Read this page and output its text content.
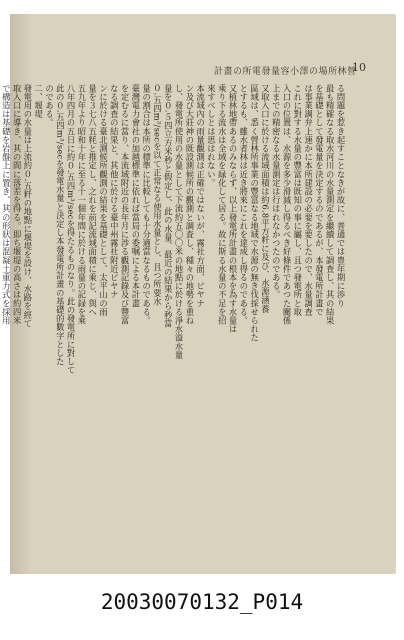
計畫の所電發量容小澤の場所林營
10

る問題を惹き起すことなきが故に、普通では豊年期に渉り

最も精確なる取水河川の水量測定を繼續して調査し、其の結果

を基礎として發電量を決定するのであるが、本發電所計畫で

は事業調弁上速かに本所建設の必要を要したので、水量調査

これに對する水量の豐富は既知の事に屬し、且つ發電所と取

入口の位置は、水源を多少滑減し得るべき好條件であつた關係

上までの精密なる水量測定は行はれなかつたのである。

又取入口に於ける流域面積は約6.8平方粁に及び、水源涵養

區域は、悉く營林所事業の豐富なる地域で水源の無き伐採せられた

とするも、雖水者林は近き將來にこれを達成し得るのである。

又植林地帶あるのみならず、以上發電所計畫の根本を為す水量は

乘り下る流水は全域を緑化して居る。故に斯る水量の不足を招

來すべしとは思はれない。

本流域內の雨量觀測は正確ではないが、霧社方面、ピヤナ

ン及び大莊神の既設測候所の觀測と調査し、種々の地勢を重ね

し、發電所使用の水量として下流約五〇〇米の地點に於ける淨水溢水量

量を０.５四立方米秒と假定し、此の水量、最近の結果から秒當

０.五四m³/secを以て正常なる使用水量とし、且つ所要水

量の割合は本所の標準に比較しても十分適當なるものである。

臺灣電力會社の加越標準に依れば當局の委嘱による本計畫

を定むるに當り、本流域附近の長年月に涉る觀測記錄及び豐富

なる調査の結果と、其他に於ける臺中州霧社附近ピヤナ

ンに於ける臺北測候所觀測の結果を基礎として、太平山の雨

量を３七八五粍と推定し、之れを前記流域面積に乘じ、與へ

五九年より昭和十年に至る十一個年間に於ける雨量の記録を乘

八年四月の五日に約０.五四m³/secを得たるものなり。此の發電所に對して

此の０.五四m³/secを發電水量と決定し本發電所計畫の基礎的數字とした

のである。

二、堰堤

發電用の水量は上流約０.五粁の地點に堰堤を設け、水路を經て

取入口に導き、其の間に落差を得る。即ち堰堤の高さは約四米

で構造は基礎を岩盤上に置き、其の形狀は混凝土重力式を採用

20030070132_P014
